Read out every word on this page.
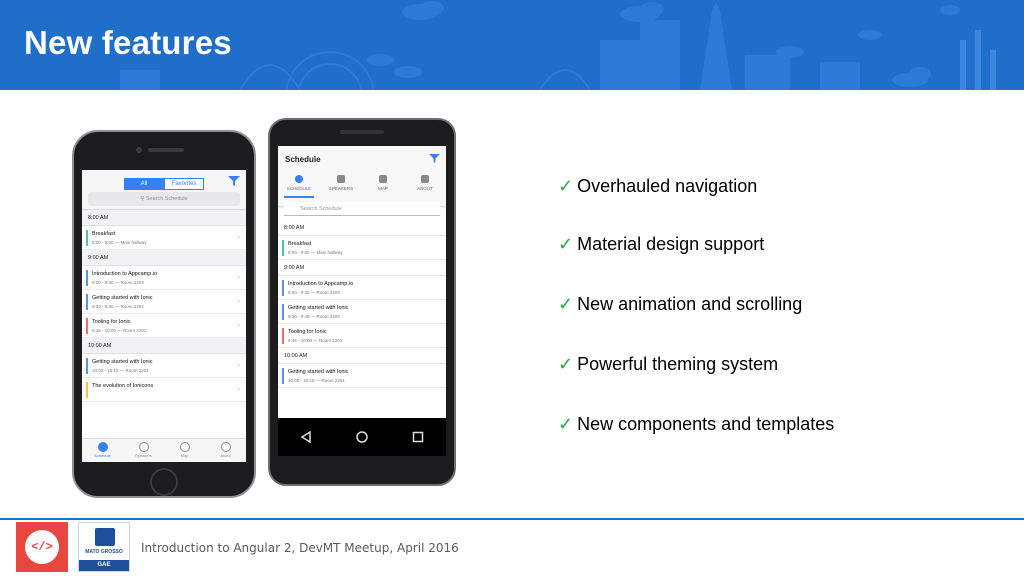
New features
All	Favorites
⚲ Search Schedule
8:00 AM
Breakfast
8:00 - 9:00 — Main hallway
›
9:00 AM
Introduction to Appcamp.io
9:00 - 9:30 — Room 2203
›
Getting started with Ionic
9:30 - 9:45 — Room 2202
›
Tooling for Ionic
9:45 - 10:00 — Room 2201
›
10:00 AM
Getting started with Ionic
10:00 - 10:15 — Room 2201
›
The evolution of Ionicons	›
Schedule	Speakers	Map	About
Schedule
SCHEDULE	SPEAKERS	MAP	ABOUT
Search Schedule
8:00 AM
Breakfast
8:00 - 9:00 — Main hallway
9:00 AM
Introduction to Appcamp.io
9:00 - 9:30 — Room 2203
Getting started with Ionic
9:30 - 9:45 — Room 2202
Tooling for Ionic
9:45 - 10:00 — Room 2201
10:00 AM
Getting started with Ionic
10:00 - 10:15 — Room 2201
✓ Overhauled navigation
✓ Material design support
✓ New animation and scrolling
✓ Powerful theming system
✓ New components and templates
</>	MATO GROSSO
GAE
Introduction to Angular 2, DevMT Meetup, April 2016
